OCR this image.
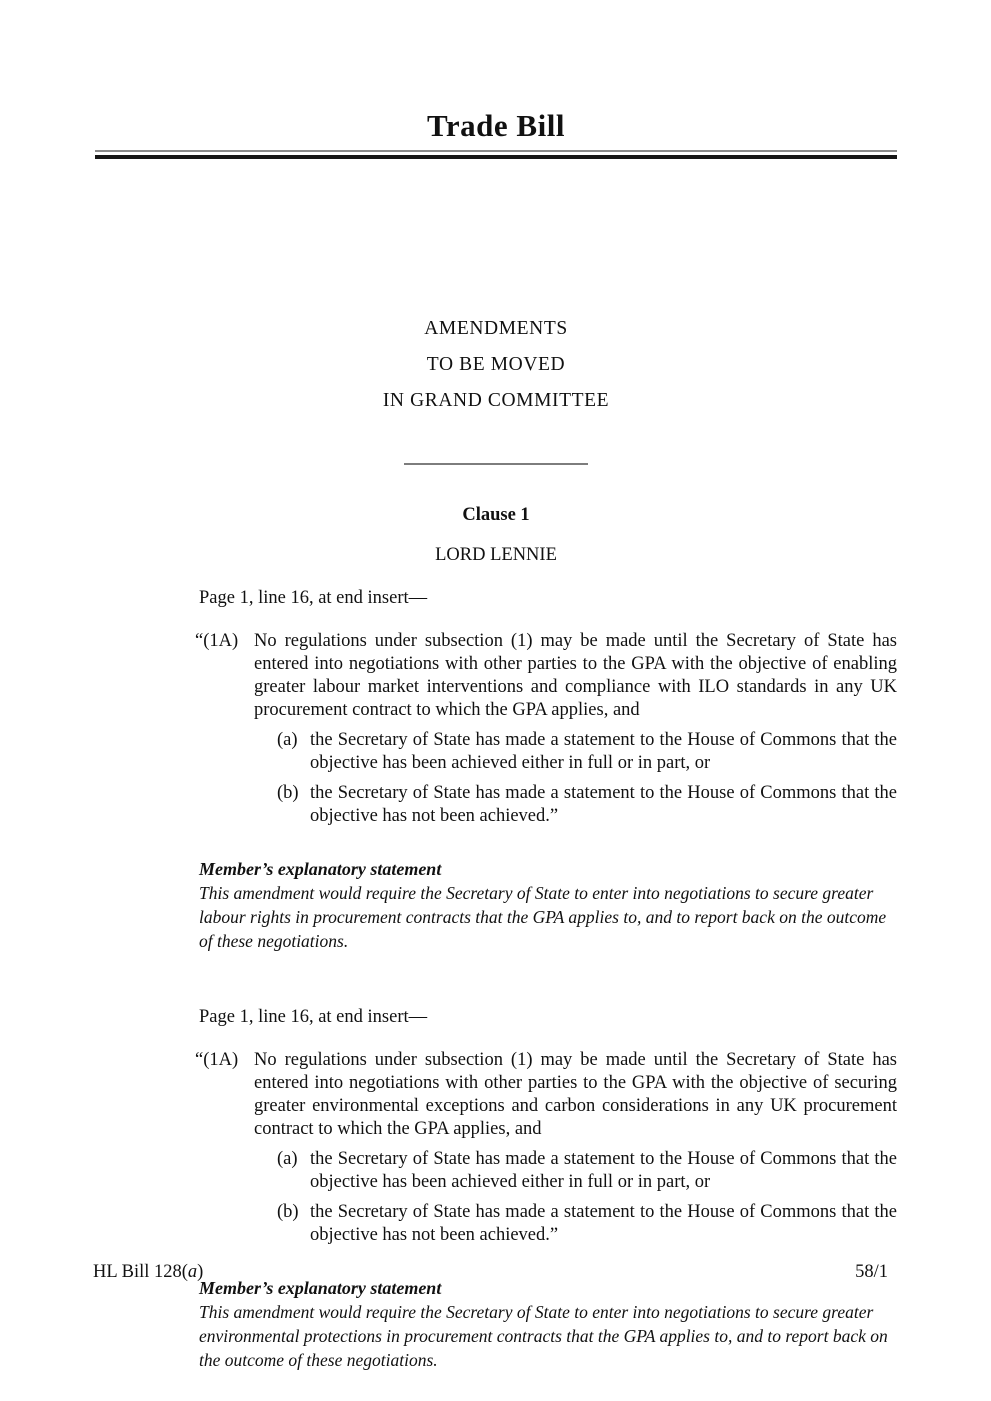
Trade Bill
AMENDMENTS
TO BE MOVED
IN GRAND COMMITTEE
Clause 1
LORD LENNIE
Page 1, line 16, at end insert—
“(1A) No regulations under subsection (1) may be made until the Secretary of State has entered into negotiations with other parties to the GPA with the objective of enabling greater labour market interventions and compliance with ILO standards in any UK procurement contract to which the GPA applies, and
(a) the Secretary of State has made a statement to the House of Commons that the objective has been achieved either in full or in part, or
(b) the Secretary of State has made a statement to the House of Commons that the objective has not been achieved.”
Member’s explanatory statement
This amendment would require the Secretary of State to enter into negotiations to secure greater labour rights in procurement contracts that the GPA applies to, and to report back on the outcome of these negotiations.
Page 1, line 16, at end insert—
“(1A) No regulations under subsection (1) may be made until the Secretary of State has entered into negotiations with other parties to the GPA with the objective of securing greater environmental exceptions and carbon considerations in any UK procurement contract to which the GPA applies, and
(a) the Secretary of State has made a statement to the House of Commons that the objective has been achieved either in full or in part, or
(b) the Secretary of State has made a statement to the House of Commons that the objective has not been achieved.”
Member’s explanatory statement
This amendment would require the Secretary of State to enter into negotiations to secure greater environmental protections in procurement contracts that the GPA applies to, and to report back on the outcome of these negotiations.
HL Bill 128(a)	58/1
